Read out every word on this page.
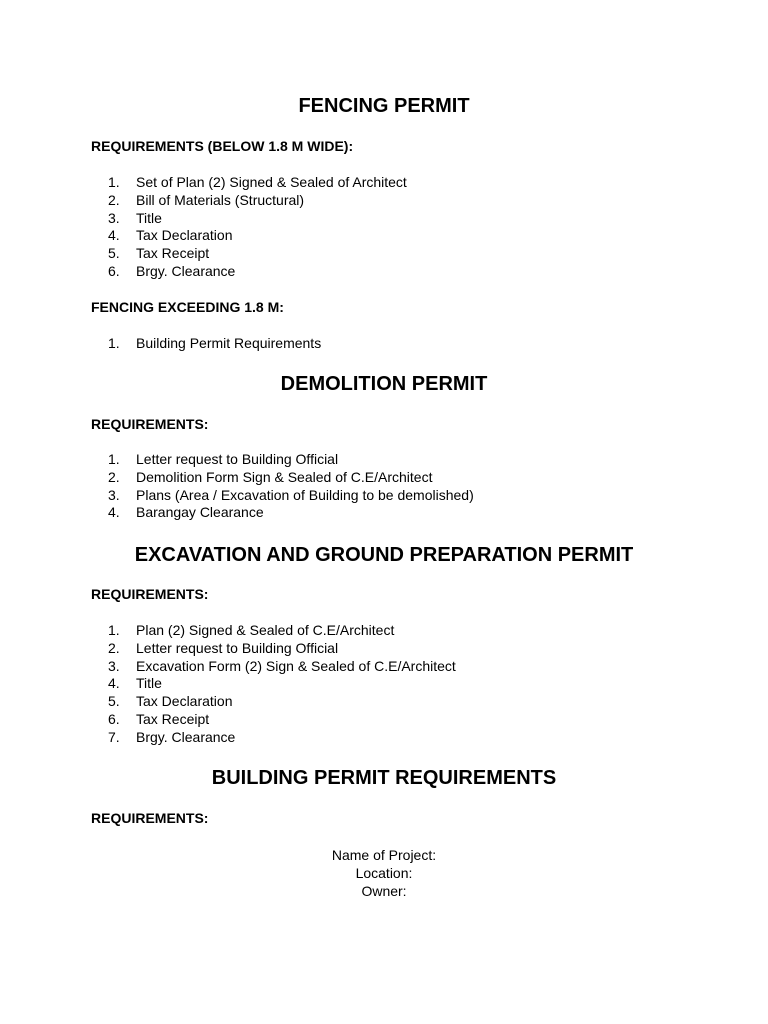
FENCING PERMIT
REQUIREMENTS (BELOW 1.8 M WIDE):
1.	Set of Plan (2) Signed & Sealed of Architect
2.	Bill of Materials (Structural)
3.	Title
4.	Tax Declaration
5.	Tax Receipt
6.	Brgy. Clearance
FENCING EXCEEDING 1.8 M:
1.	Building Permit Requirements
DEMOLITION PERMIT
REQUIREMENTS:
1.	Letter request to Building Official
2.	Demolition Form Sign & Sealed of C.E/Architect
3.	Plans (Area / Excavation of Building to be demolished)
4.	Barangay Clearance
EXCAVATION AND GROUND PREPARATION PERMIT
REQUIREMENTS:
1.	Plan (2) Signed & Sealed of C.E/Architect
2.	Letter request to Building Official
3.	Excavation Form (2) Sign & Sealed of C.E/Architect
4.	Title
5.	Tax Declaration
6.	Tax Receipt
7.	Brgy. Clearance
BUILDING PERMIT REQUIREMENTS
REQUIREMENTS:
Name of Project:
Location:
Owner:
